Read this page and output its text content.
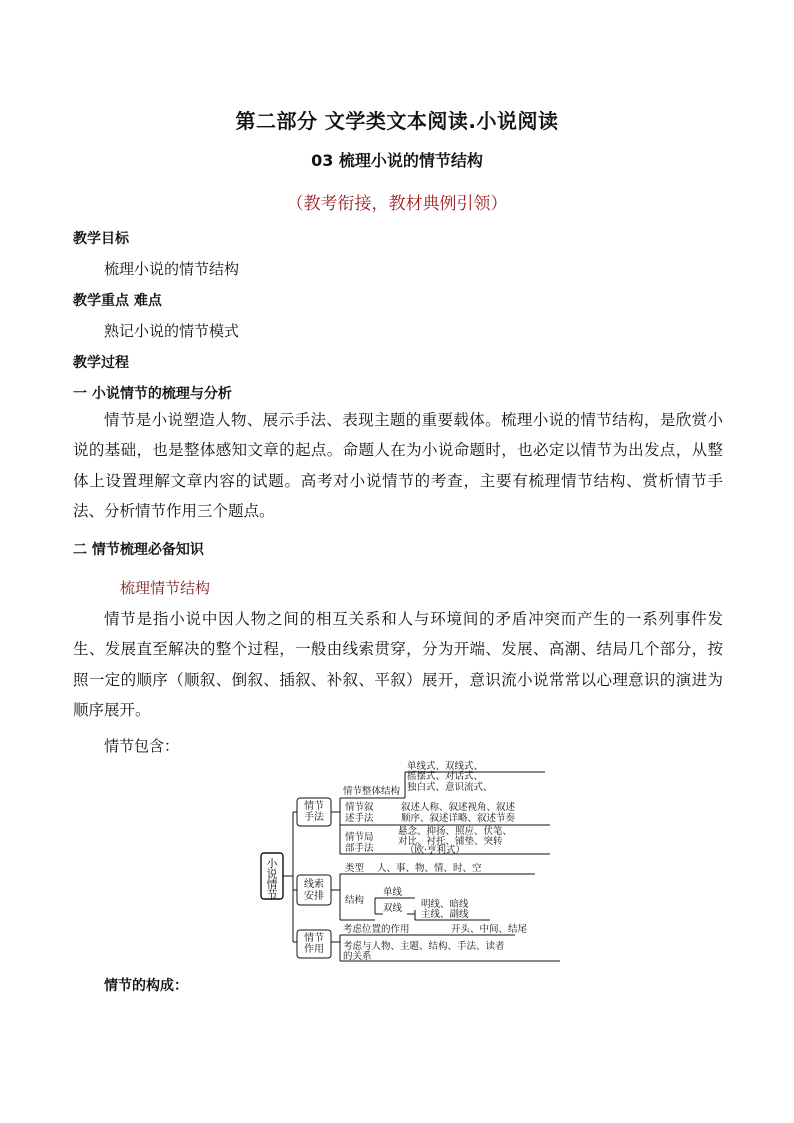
第二部分 文学类文本阅读.小说阅读
03 梳理小说的情节结构
（教考衔接，教材典例引领）
教学目标
梳理小说的情节结构
教学重点 难点
熟记小说的情节模式
教学过程
一 小说情节的梳理与分析
情节是小说塑造人物、展示手法、表现主题的重要载体。梳理小说的情节结构，是欣赏小说的基础，也是整体感知文章的起点。命题人在为小说命题时，也必定以情节为出发点，从整体上设置理解文章内容的试题。高考对小说情节的考查，主要有梳理情节结构、赏析情节手法、分析情节作用三个题点。
二 情节梳理必备知识
梳理情节结构
情节是指小说中因人物之间的相互关系和人与环境间的矛盾冲突而产生的一系列事件发生、发展直至解决的整个过程，一般由线索贯穿，分为开端、发展、高潮、结局几个部分，按照一定的顺序（顺叙、倒叙、插叙、补叙、平叙）展开，意识流小说常常以心理意识的演进为顺序展开。
情节包含：
小说情节
情节手法
线索安排
情节作用
情节整体结构
单线式、双线式、
摇摆式、对话式、
独白式、意识流式、
情节叙
述手法
叙述人称、叙述视角、叙述
顺序、叙述详略、叙述节奏
情节局
部手法
悬念、抑扬、照应、伏笔、
对比、衬托、铺垫、突转
（欧·亨利式）
类型 人、事、物、情、时、空
结构
单线
双线 明线、暗线
主线、副线
考虑位置的作用	开头、中间、结尾
考虑与人物、主题、结构、手法、读者
的关系
情节的构成：
